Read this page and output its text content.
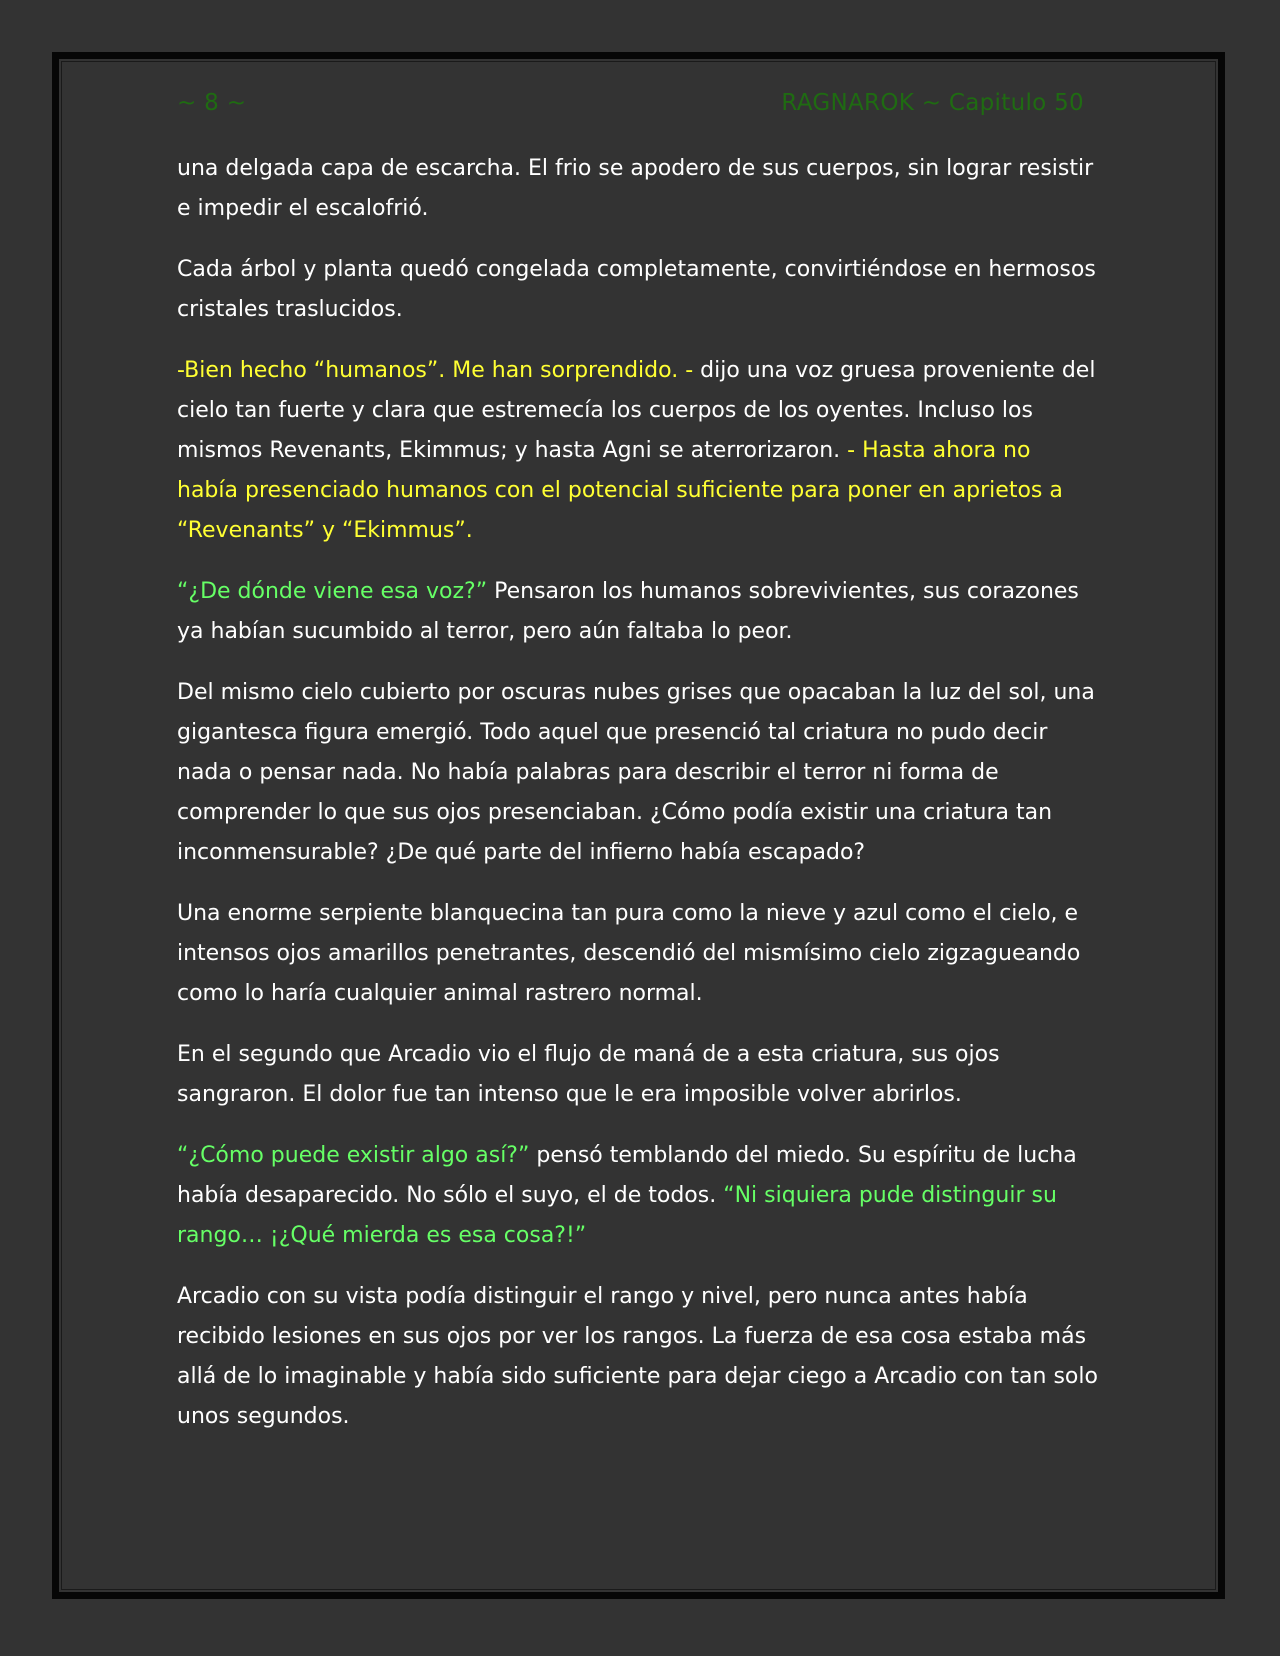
~ 8 ~	RAGNAROK ~ Capitulo 50

una delgada capa de escarcha. El frio se apodero de sus cuerpos, sin lograr resistir e impedir el escalofrió.

Cada árbol y planta quedó congelada completamente, convirtiéndose en hermosos cristales traslucidos.

-Bien hecho “humanos”. Me han sorprendido. - dijo una voz gruesa proveniente del cielo tan fuerte y clara que estremecía los cuerpos de los oyentes. Incluso los mismos Revenants, Ekimmus; y hasta Agni se aterrorizaron. - Hasta ahora no había presenciado humanos con el potencial suficiente para poner en aprietos a “Revenants” y “Ekimmus”.

“¿De dónde viene esa voz?” Pensaron los humanos sobrevivientes, sus corazones ya habían sucumbido al terror, pero aún faltaba lo peor.

Del mismo cielo cubierto por oscuras nubes grises que opacaban la luz del sol, una gigantesca figura emergió. Todo aquel que presenció tal criatura no pudo decir nada o pensar nada. No había palabras para describir el terror ni forma de comprender lo que sus ojos presenciaban. ¿Cómo podía existir una criatura tan inconmensurable? ¿De qué parte del infierno había escapado?

Una enorme serpiente blanquecina tan pura como la nieve y azul como el cielo, e intensos ojos amarillos penetrantes, descendió del mismísimo cielo zigzagueando como lo haría cualquier animal rastrero normal.

En el segundo que Arcadio vio el flujo de maná de a esta criatura, sus ojos sangraron. El dolor fue tan intenso que le era imposible volver abrirlos.

“¿Cómo puede existir algo así?” pensó temblando del miedo. Su espíritu de lucha había desaparecido. No sólo el suyo, el de todos. “Ni siquiera pude distinguir su rango… ¡¿Qué mierda es esa cosa?!”

Arcadio con su vista podía distinguir el rango y nivel, pero nunca antes había recibido lesiones en sus ojos por ver los rangos. La fuerza de esa cosa estaba más allá de lo imaginable y había sido suficiente para dejar ciego a Arcadio con tan solo unos segundos.
